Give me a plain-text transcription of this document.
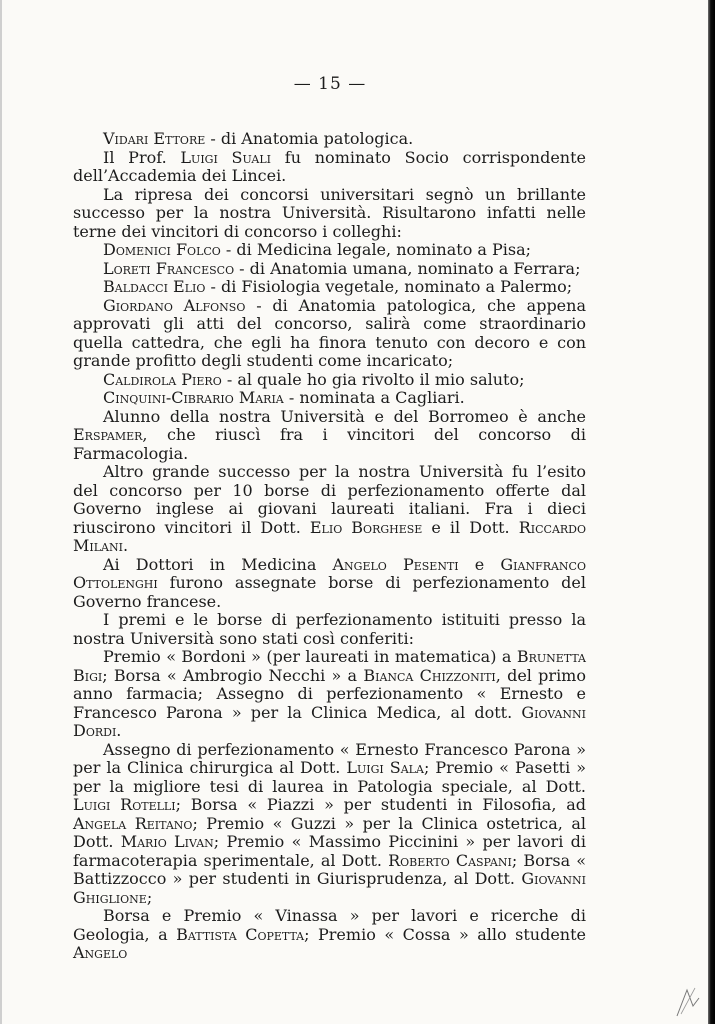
— 15 —

Vidari Ettore - di Anatomia patologica.

Il Prof. Luigi Suali fu nominato Socio corrispondente dell’Accademia dei Lincei.

La ripresa dei concorsi universitari segnò un brillante successo per la nostra Università. Risultarono infatti nelle terne dei vincitori di concorso i colleghi:

Domenici Folco - di Medicina legale, nominato a Pisa;

Loreti Francesco - di Anatomia umana, nominato a Ferrara;

Baldacci Elio - di Fisiologia vegetale, nominato a Palermo;

Giordano Alfonso - di Anatomia patologica, che appena approvati gli atti del concorso, salirà come straordinario quella cattedra, che egli ha finora tenuto con decoro e con grande profitto degli studenti come incaricato;

Caldirola Piero - al quale ho gia rivolto il mio saluto;

Cinquini-Cibrario Maria - nominata a Cagliari.

Alunno della nostra Università e del Borromeo è anche Erspamer, che riuscì fra i vincitori del concorso di Farmacologia.

Altro grande successo per la nostra Università fu l’esito del concorso per 10 borse di perfezionamento offerte dal Governo inglese ai giovani laureati italiani. Fra i dieci riuscirono vincitori il Dott. Elio Borghese e il Dott. Riccardo Milani.

Ai Dottori in Medicina Angelo Pesenti e Gianfranco Ottolenghi furono assegnate borse di perfezionamento del Governo francese.

I premi e le borse di perfezionamento istituiti presso la nostra Università sono stati così conferiti:

Premio « Bordoni » (per laureati in matematica) a Brunetta Bigi; Borsa « Ambrogio Necchi » a Bianca Chizzoniti, del primo anno farmacia; Assegno di perfezionamento « Ernesto e Francesco Parona » per la Clinica Medica, al dott. Giovanni Dordi.

Assegno di perfezionamento « Ernesto Francesco Parona » per la Clinica chirurgica al Dott. Luigi Sala; Premio « Pasetti » per la migliore tesi di laurea in Patologia speciale, al Dott. Luigi Rotelli; Borsa « Piazzi » per studenti in Filosofia, ad Angela Reitano; Premio « Guzzi » per la Clinica ostetrica, al Dott. Mario Livan; Premio « Massimo Piccinini » per lavori di farmacoterapia sperimentale, al Dott. Roberto Caspani; Borsa « Battizzocco » per studenti in Giurisprudenza, al Dott. Giovanni Ghiglione;

Borsa e Premio « Vinassa » per lavori e ricerche di Geologia, a Battista Copetta; Premio « Cossa » allo studente Angelo
